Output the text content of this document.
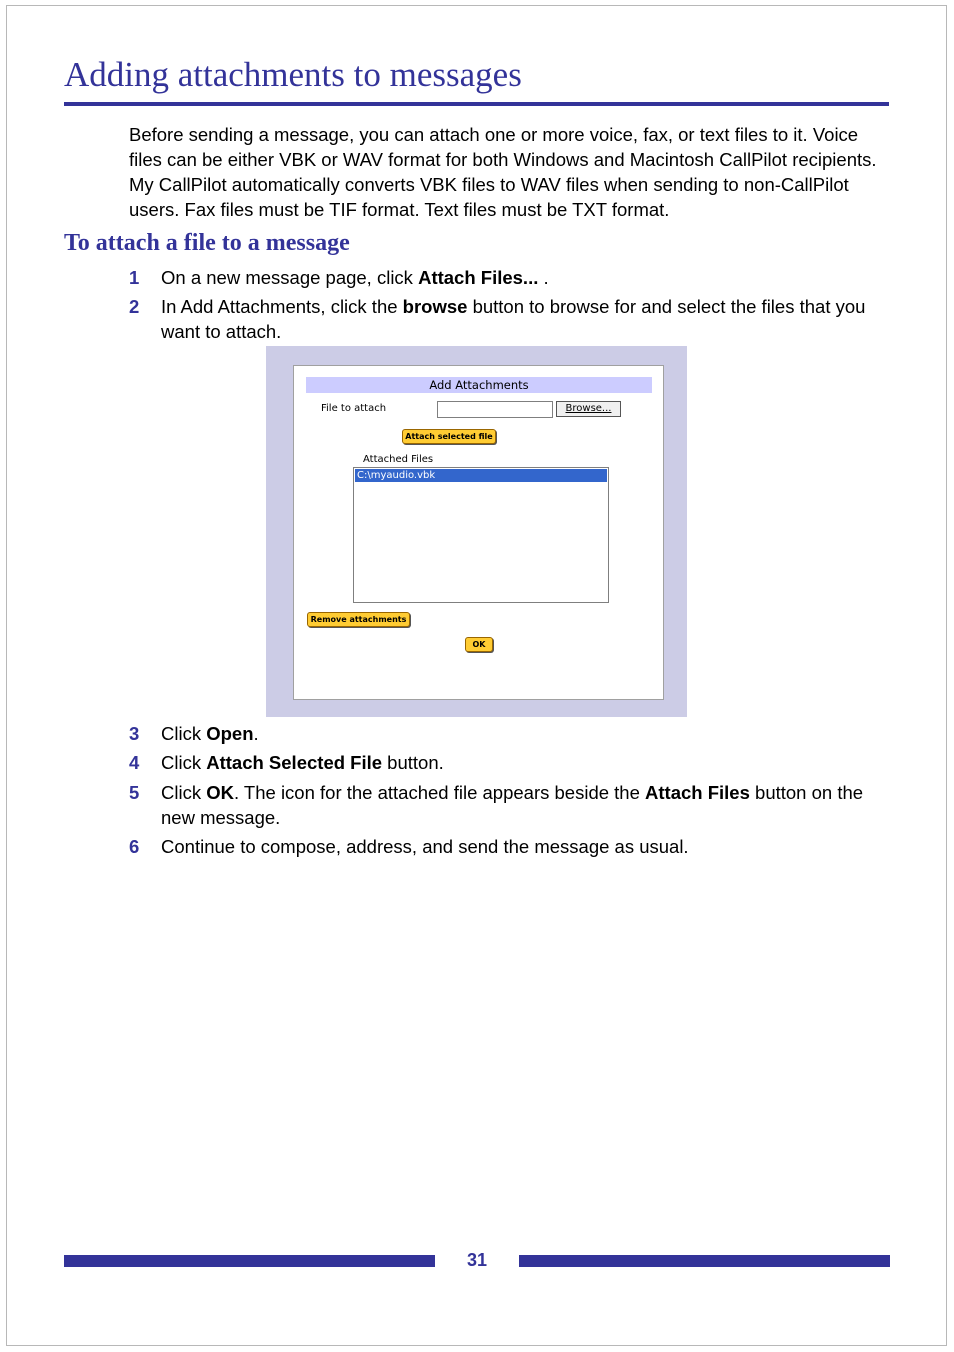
Adding attachments to messages

Before sending a message, you can attach one or more voice, fax, or text files to it. Voice files can be either VBK or WAV format for both Windows and Macintosh CallPilot recipients. My CallPilot automatically converts VBK files to WAV files when sending to non-CallPilot users. Fax files must be TIF format. Text files must be TXT format.

To attach a file to a message
1 On a new message page, click Attach Files... .
2 In Add Attachments, click the browse button to browse for and select the files that you want to attach.
Add Attachments
File to attach	Browse...
Attach selected file
Attached Files
C:\myaudio.vbk
Remove attachments
OK
3 Click Open.
4 Click Attach Selected File button.
5 Click OK. The icon for the attached file appears beside the Attach Files button on the new message.
6 Continue to compose, address, and send the message as usual.
31
